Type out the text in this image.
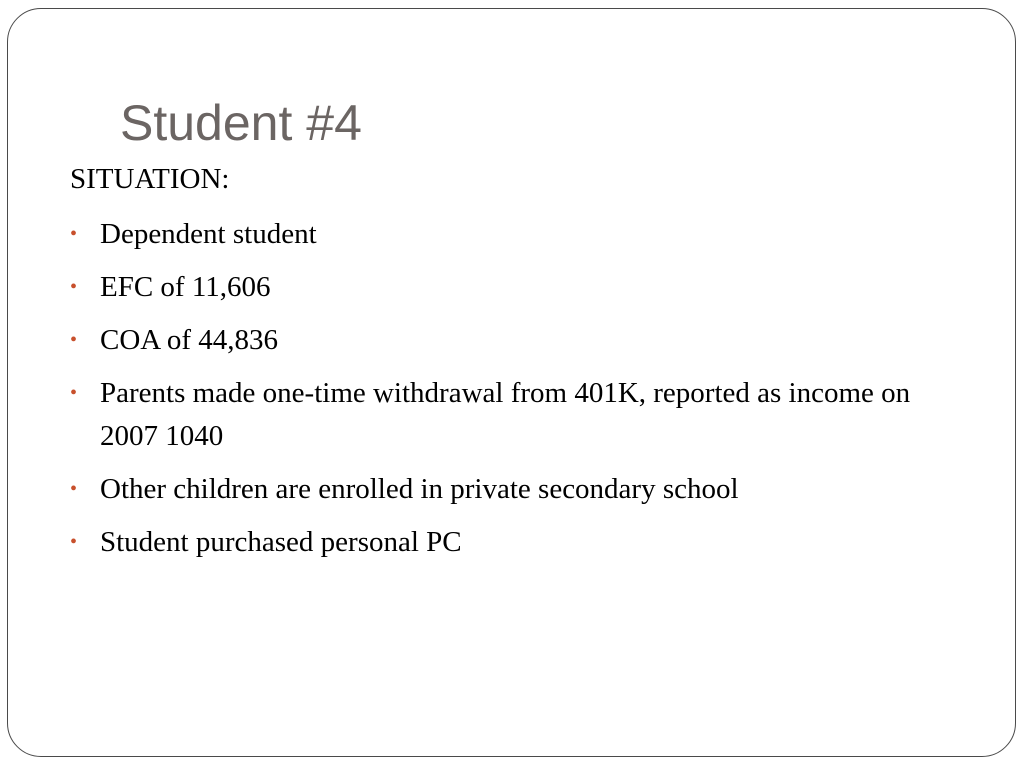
Student #4
SITUATION:
• Dependent student
• EFC of 11,606
• COA of 44,836
• Parents made one-time withdrawal from 401K, reported as income on 2007 1040
• Other children are enrolled in private secondary school
• Student purchased personal PC
